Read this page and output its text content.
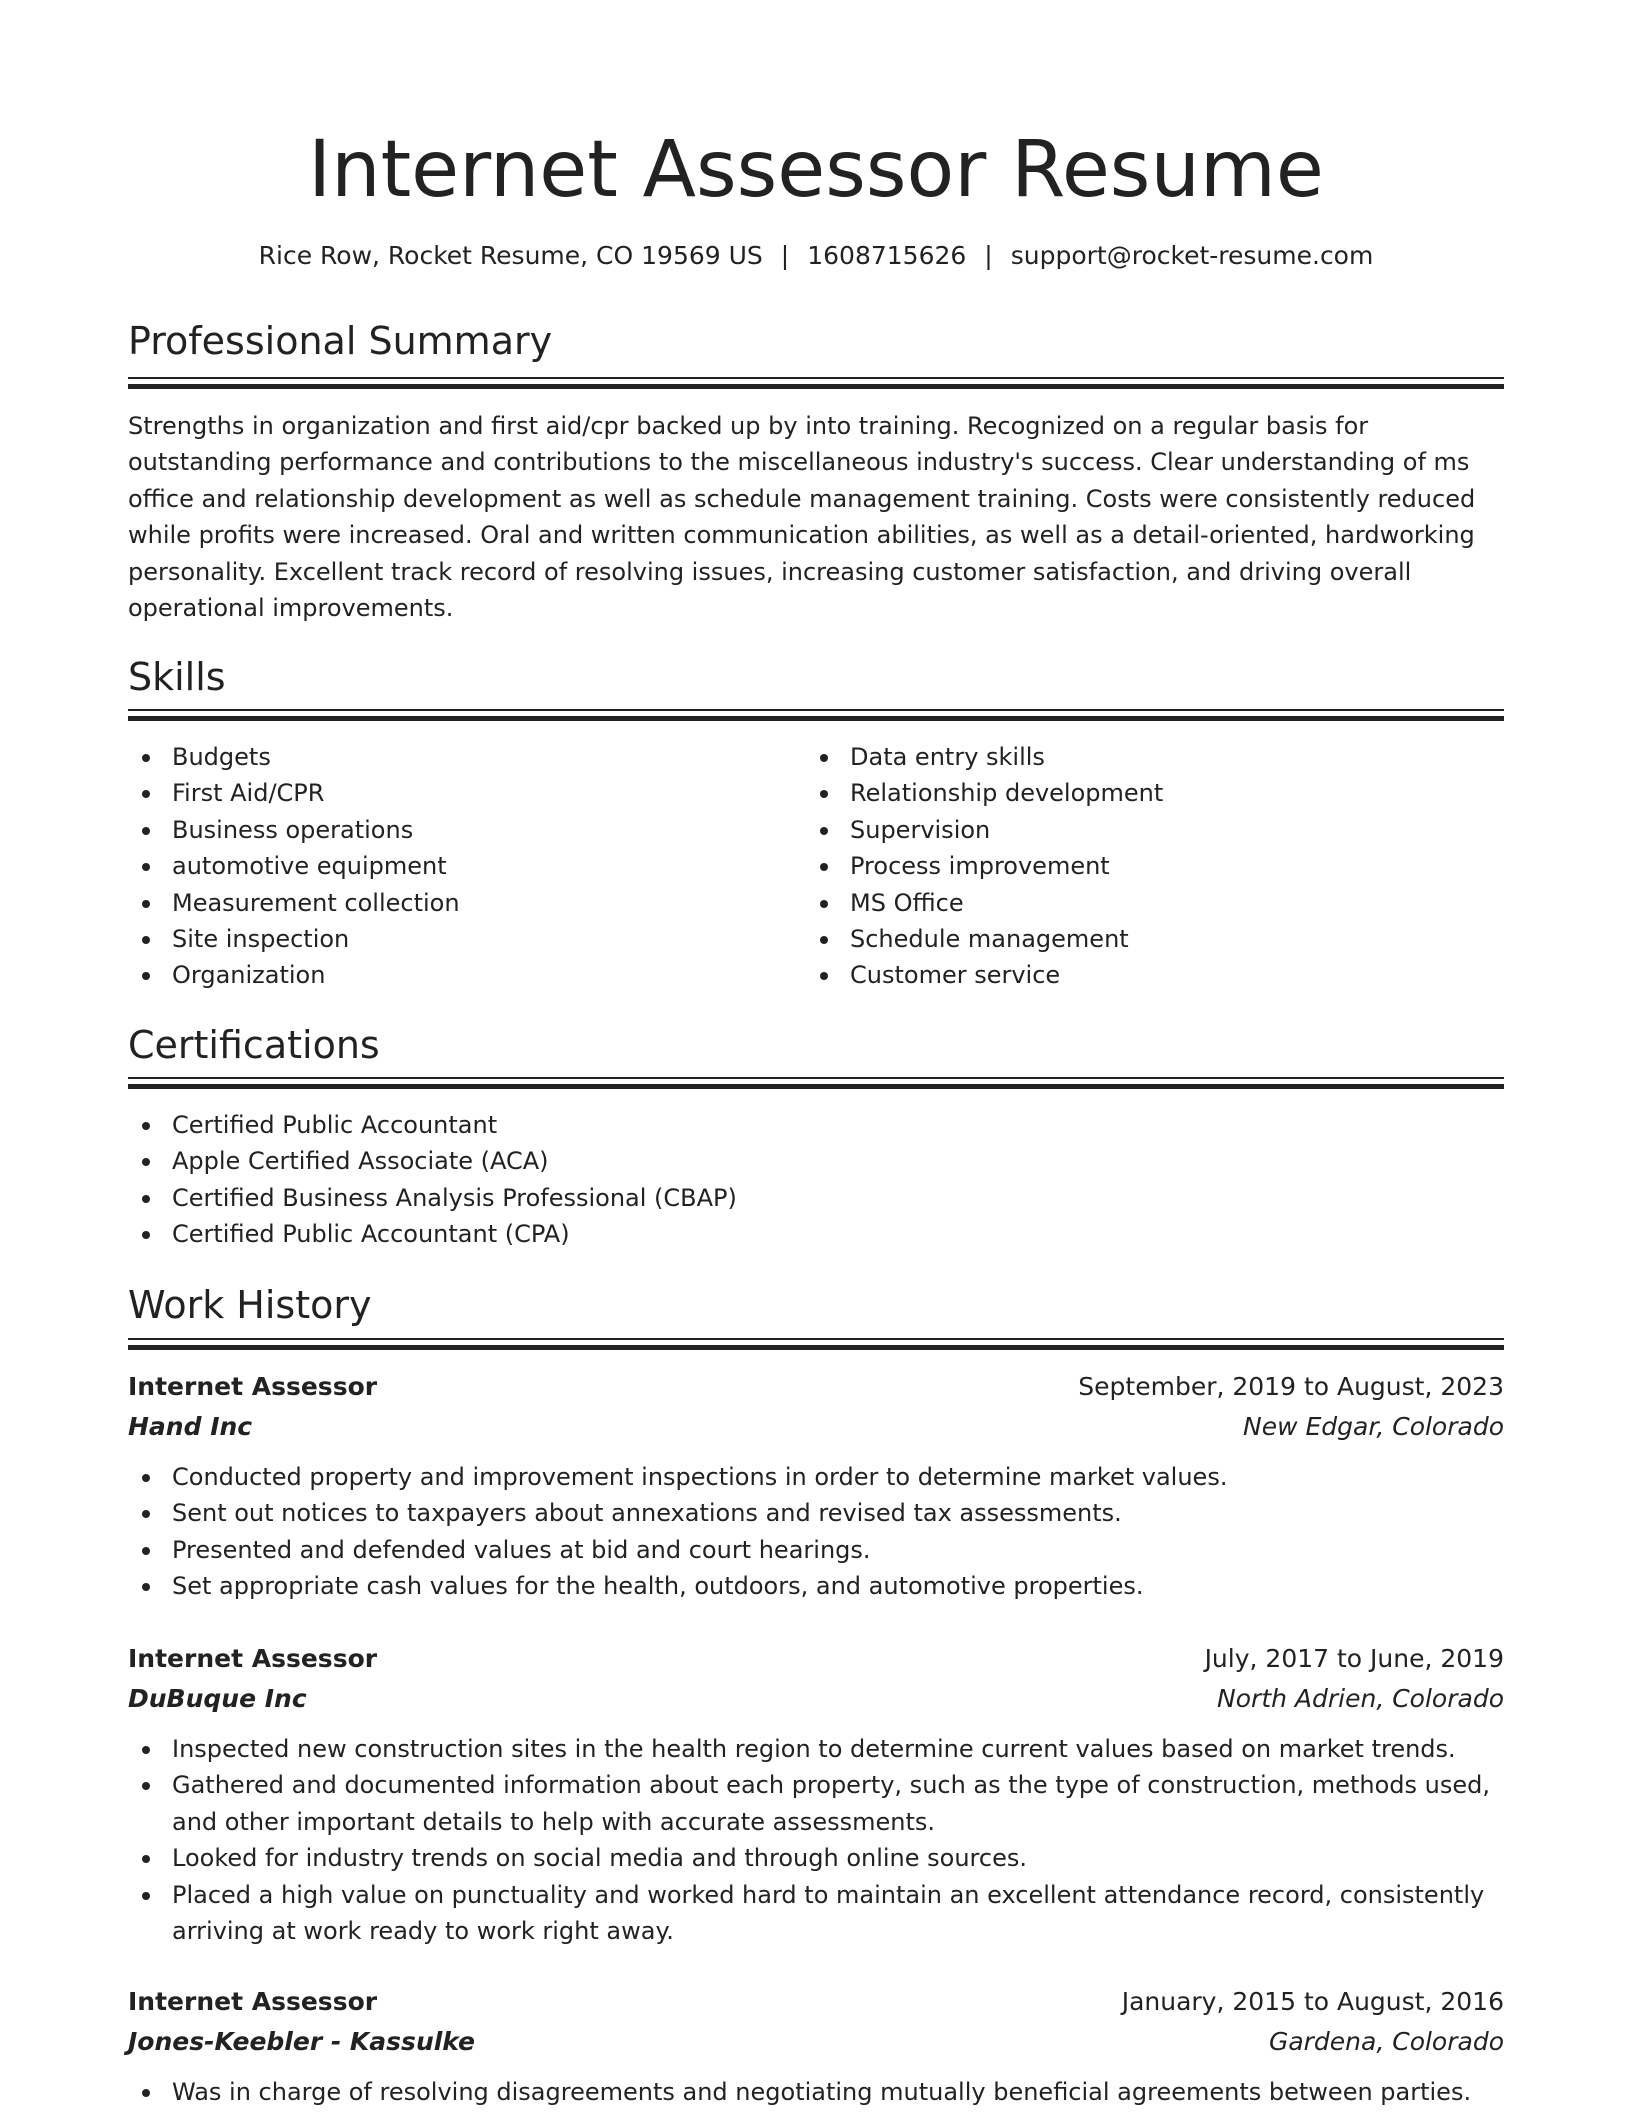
Internet Assessor Resume
Rice Row, Rocket Resume, CO 19569 US | 1608715626 | support@rocket-resume.com
Professional Summary

Strengths in organization and first aid/cpr backed up by into training. Recognized on a regular basis for outstanding performance and contributions to the miscellaneous industry's success. Clear understanding of ms office and relationship development as well as schedule management training. Costs were consistently reduced while profits were increased. Oral and written communication abilities, as well as a detail-oriented, hardworking personality. Excellent track record of resolving issues, increasing customer satisfaction, and driving overall operational improvements.

Skills
Budgets
First Aid/CPR
Business operations
automotive equipment
Measurement collection
Site inspection
Organization
Data entry skills
Relationship development
Supervision
Process improvement
MS Office
Schedule management
Customer service
Certifications
Certified Public Accountant
Apple Certified Associate (ACA)
Certified Business Analysis Professional (CBAP)
Certified Public Accountant (CPA)
Work History
Internet Assessor	September, 2019 to August, 2023
Hand Inc	New Edgar, Colorado
Conducted property and improvement inspections in order to determine market values.
Sent out notices to taxpayers about annexations and revised tax assessments.
Presented and defended values at bid and court hearings.
Set appropriate cash values for the health, outdoors, and automotive properties.
Internet Assessor	July, 2017 to June, 2019
DuBuque Inc	North Adrien, Colorado
Inspected new construction sites in the health region to determine current values based on market trends.
Gathered and documented information about each property, such as the type of construction, methods used, and other important details to help with accurate assessments.
Looked for industry trends on social media and through online sources.
Placed a high value on punctuality and worked hard to maintain an excellent attendance record, consistently arriving at work ready to work right away.
Internet Assessor	January, 2015 to August, 2016
Jones-Keebler - Kassulke	Gardena, Colorado
Was in charge of resolving disagreements and negotiating mutually beneficial agreements between parties.
